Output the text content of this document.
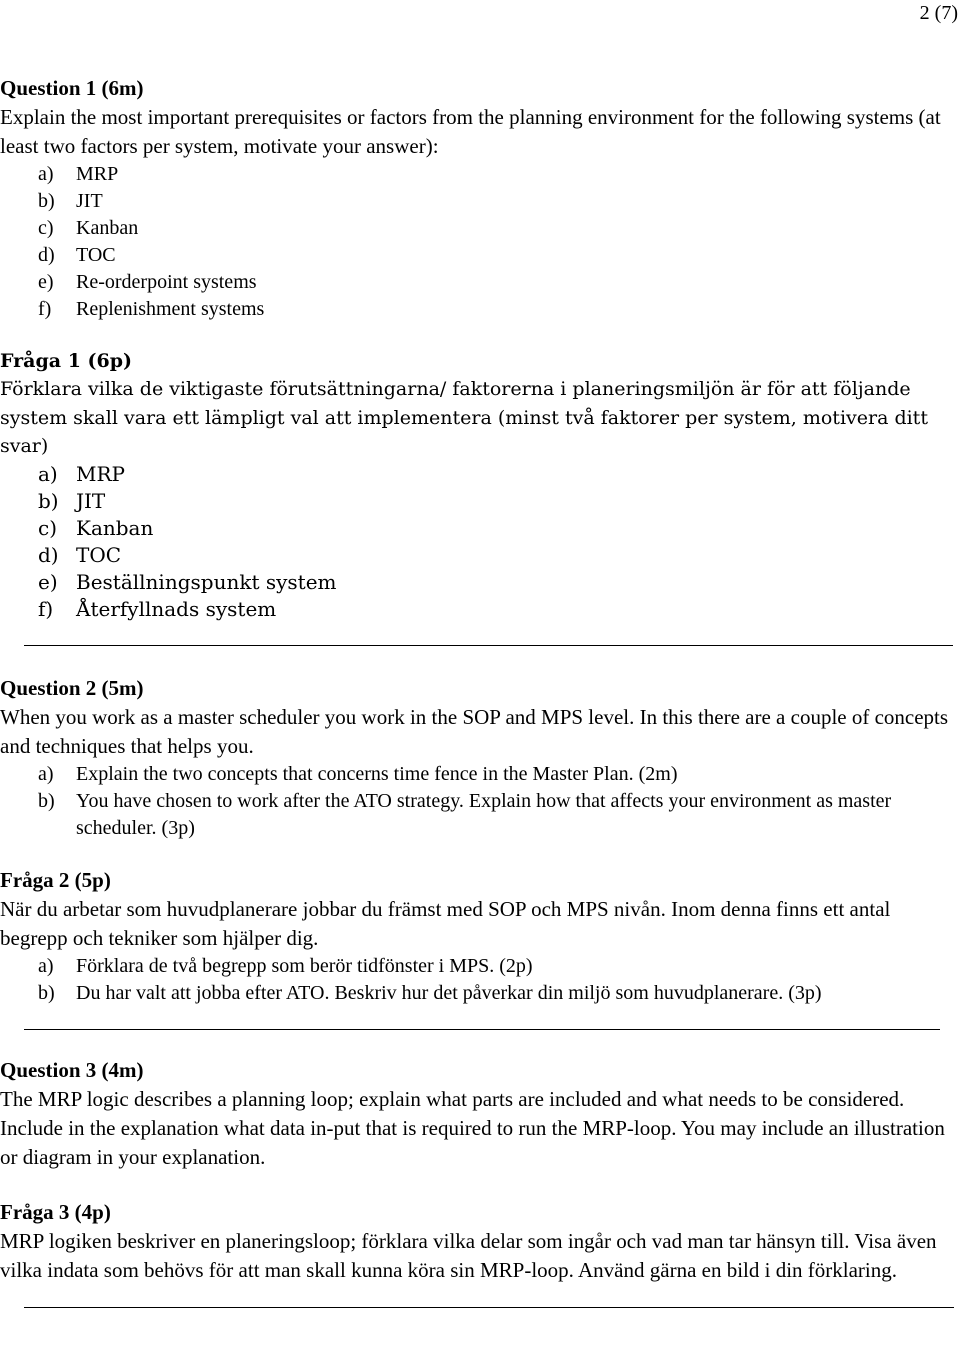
2 (7)

Question 1 (6m)

Explain the most important prerequisites or factors from the planning environment for the following systems (at least two factors per system, motivate your answer):

a) MRP
b) JIT
c) Kanban
d) TOC
e) Re-orderpoint systems
f) Replenishment systems

Fråga 1 (6p)

Förklara vilka de viktigaste förutsättningarna/ faktorerna i planeringsmiljön är för att följande system skall vara ett lämpligt val att implementera (minst två faktorer per system, motivera ditt svar)

a) MRP
b) JIT
c) Kanban
d) TOC
e) Beställningspunkt system
f) Återfyllnads system

Question 2 (5m)

When you work as a master scheduler you work in the SOP and MPS level. In this there are a couple of concepts and techniques that helps you.

a) Explain the two concepts that concerns time fence in the Master Plan. (2m)
b) You have chosen to work after the ATO strategy. Explain how that affects your environment as master scheduler. (3p)

Fråga 2 (5p)

När du arbetar som huvudplanerare jobbar du främst med SOP och MPS nivån. Inom denna finns ett antal begrepp och tekniker som hjälper dig.

a) Förklara de två begrepp som berör tidfönster i MPS. (2p)
b) Du har valt att jobba efter ATO. Beskriv hur det påverkar din miljö som huvudplanerare. (3p)

Question 3 (4m)

The MRP logic describes a planning loop; explain what parts are included and what needs to be considered. Include in the explanation what data in-put that is required to run the MRP-loop. You may include an illustration or diagram in your explanation.

Fråga 3 (4p)

MRP logiken beskriver en planeringsloop; förklara vilka delar som ingår och vad man tar hänsyn till. Visa även vilka indata som behövs för att man skall kunna köra sin MRP-loop. Använd gärna en bild i din förklaring.
